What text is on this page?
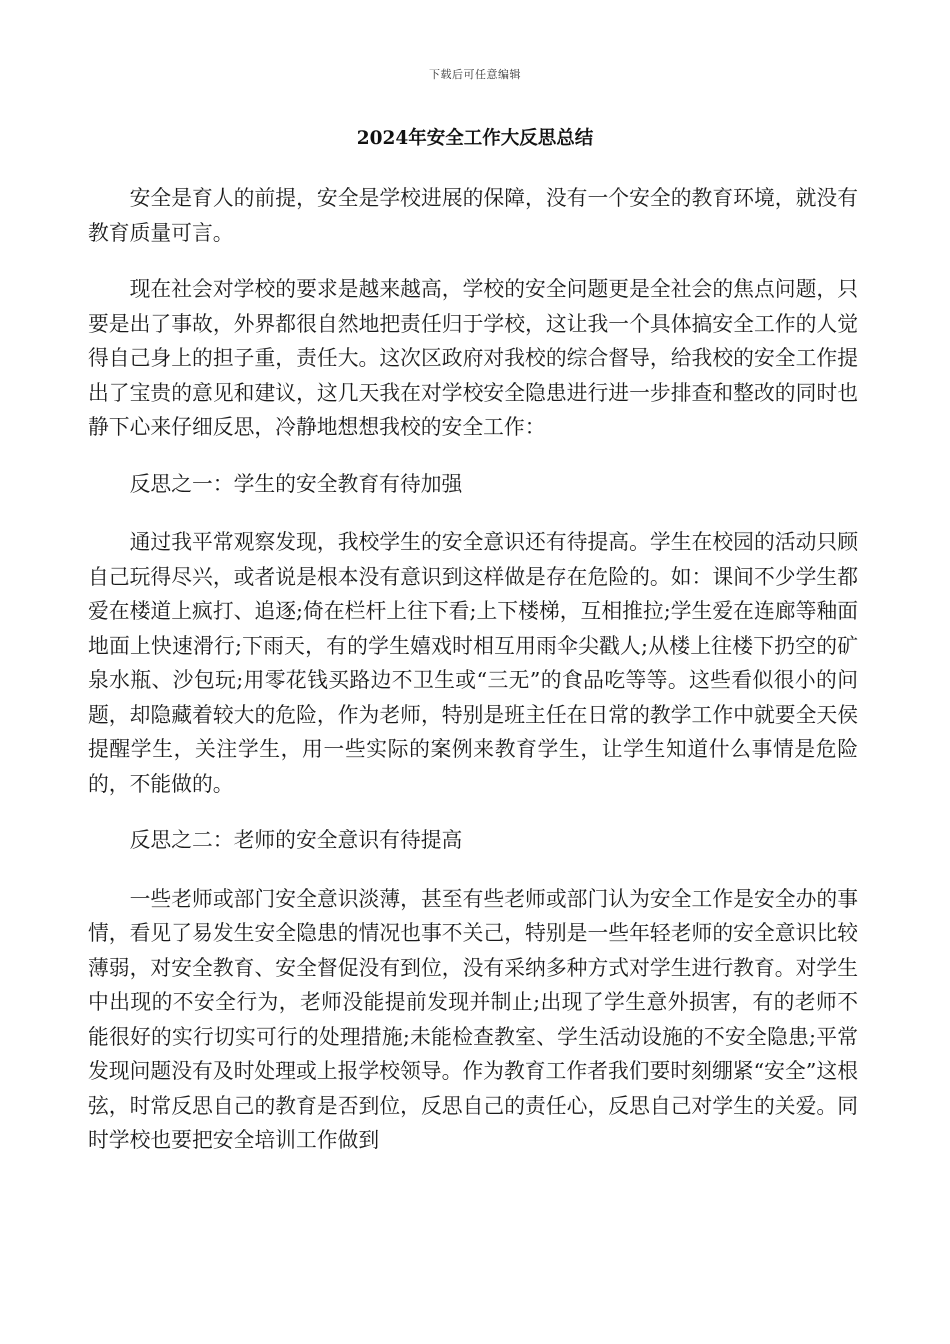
下载后可任意编辑
2024年安全工作大反思总结

安全是育人的前提，安全是学校进展的保障，没有一个安全的教育环境，就没有教育质量可言。

现在社会对学校的要求是越来越高，学校的安全问题更是全社会的焦点问题，只要是出了事故，外界都很自然地把责任归于学校，这让我一个具体搞安全工作的人觉得自己身上的担子重，责任大。这次区政府对我校的综合督导，给我校的安全工作提出了宝贵的意见和建议，这几天我在对学校安全隐患进行进一步排查和整改的同时也静下心来仔细反思，冷静地想想我校的安全工作：

反思之一：学生的安全教育有待加强

通过我平常观察发现，我校学生的安全意识还有待提高。学生在校园的活动只顾自己玩得尽兴，或者说是根本没有意识到这样做是存在危险的。如：课间不少学生都爱在楼道上疯打、追逐;倚在栏杆上往下看;上下楼梯，互相推拉;学生爱在连廊等釉面地面上快速滑行;下雨天，有的学生嬉戏时相互用雨伞尖戳人;从楼上往楼下扔空的矿泉水瓶、沙包玩;用零花钱买路边不卫生或“三无”的食品吃等等。这些看似很小的问题，却隐藏着较大的危险，作为老师，特别是班主任在日常的教学工作中就要全天侯提醒学生，关注学生，用一些实际的案例来教育学生，让学生知道什么事情是危险的，不能做的。

反思之二：老师的安全意识有待提高

一些老师或部门安全意识淡薄，甚至有些老师或部门认为安全工作是安全办的事情，看见了易发生安全隐患的情况也事不关己，特别是一些年轻老师的安全意识比较薄弱，对安全教育、安全督促没有到位，没有采纳多种方式对学生进行教育。对学生中出现的不安全行为，老师没能提前发现并制止;出现了学生意外损害，有的老师不能很好的实行切实可行的处理措施;未能检查教室、学生活动设施的不安全隐患;平常发现问题没有及时处理或上报学校领导。作为教育工作者我们要时刻绷紧“安全”这根弦，时常反思自己的教育是否到位，反思自己的责任心，反思自己对学生的关爱。同时学校也要把安全培训工作做到
